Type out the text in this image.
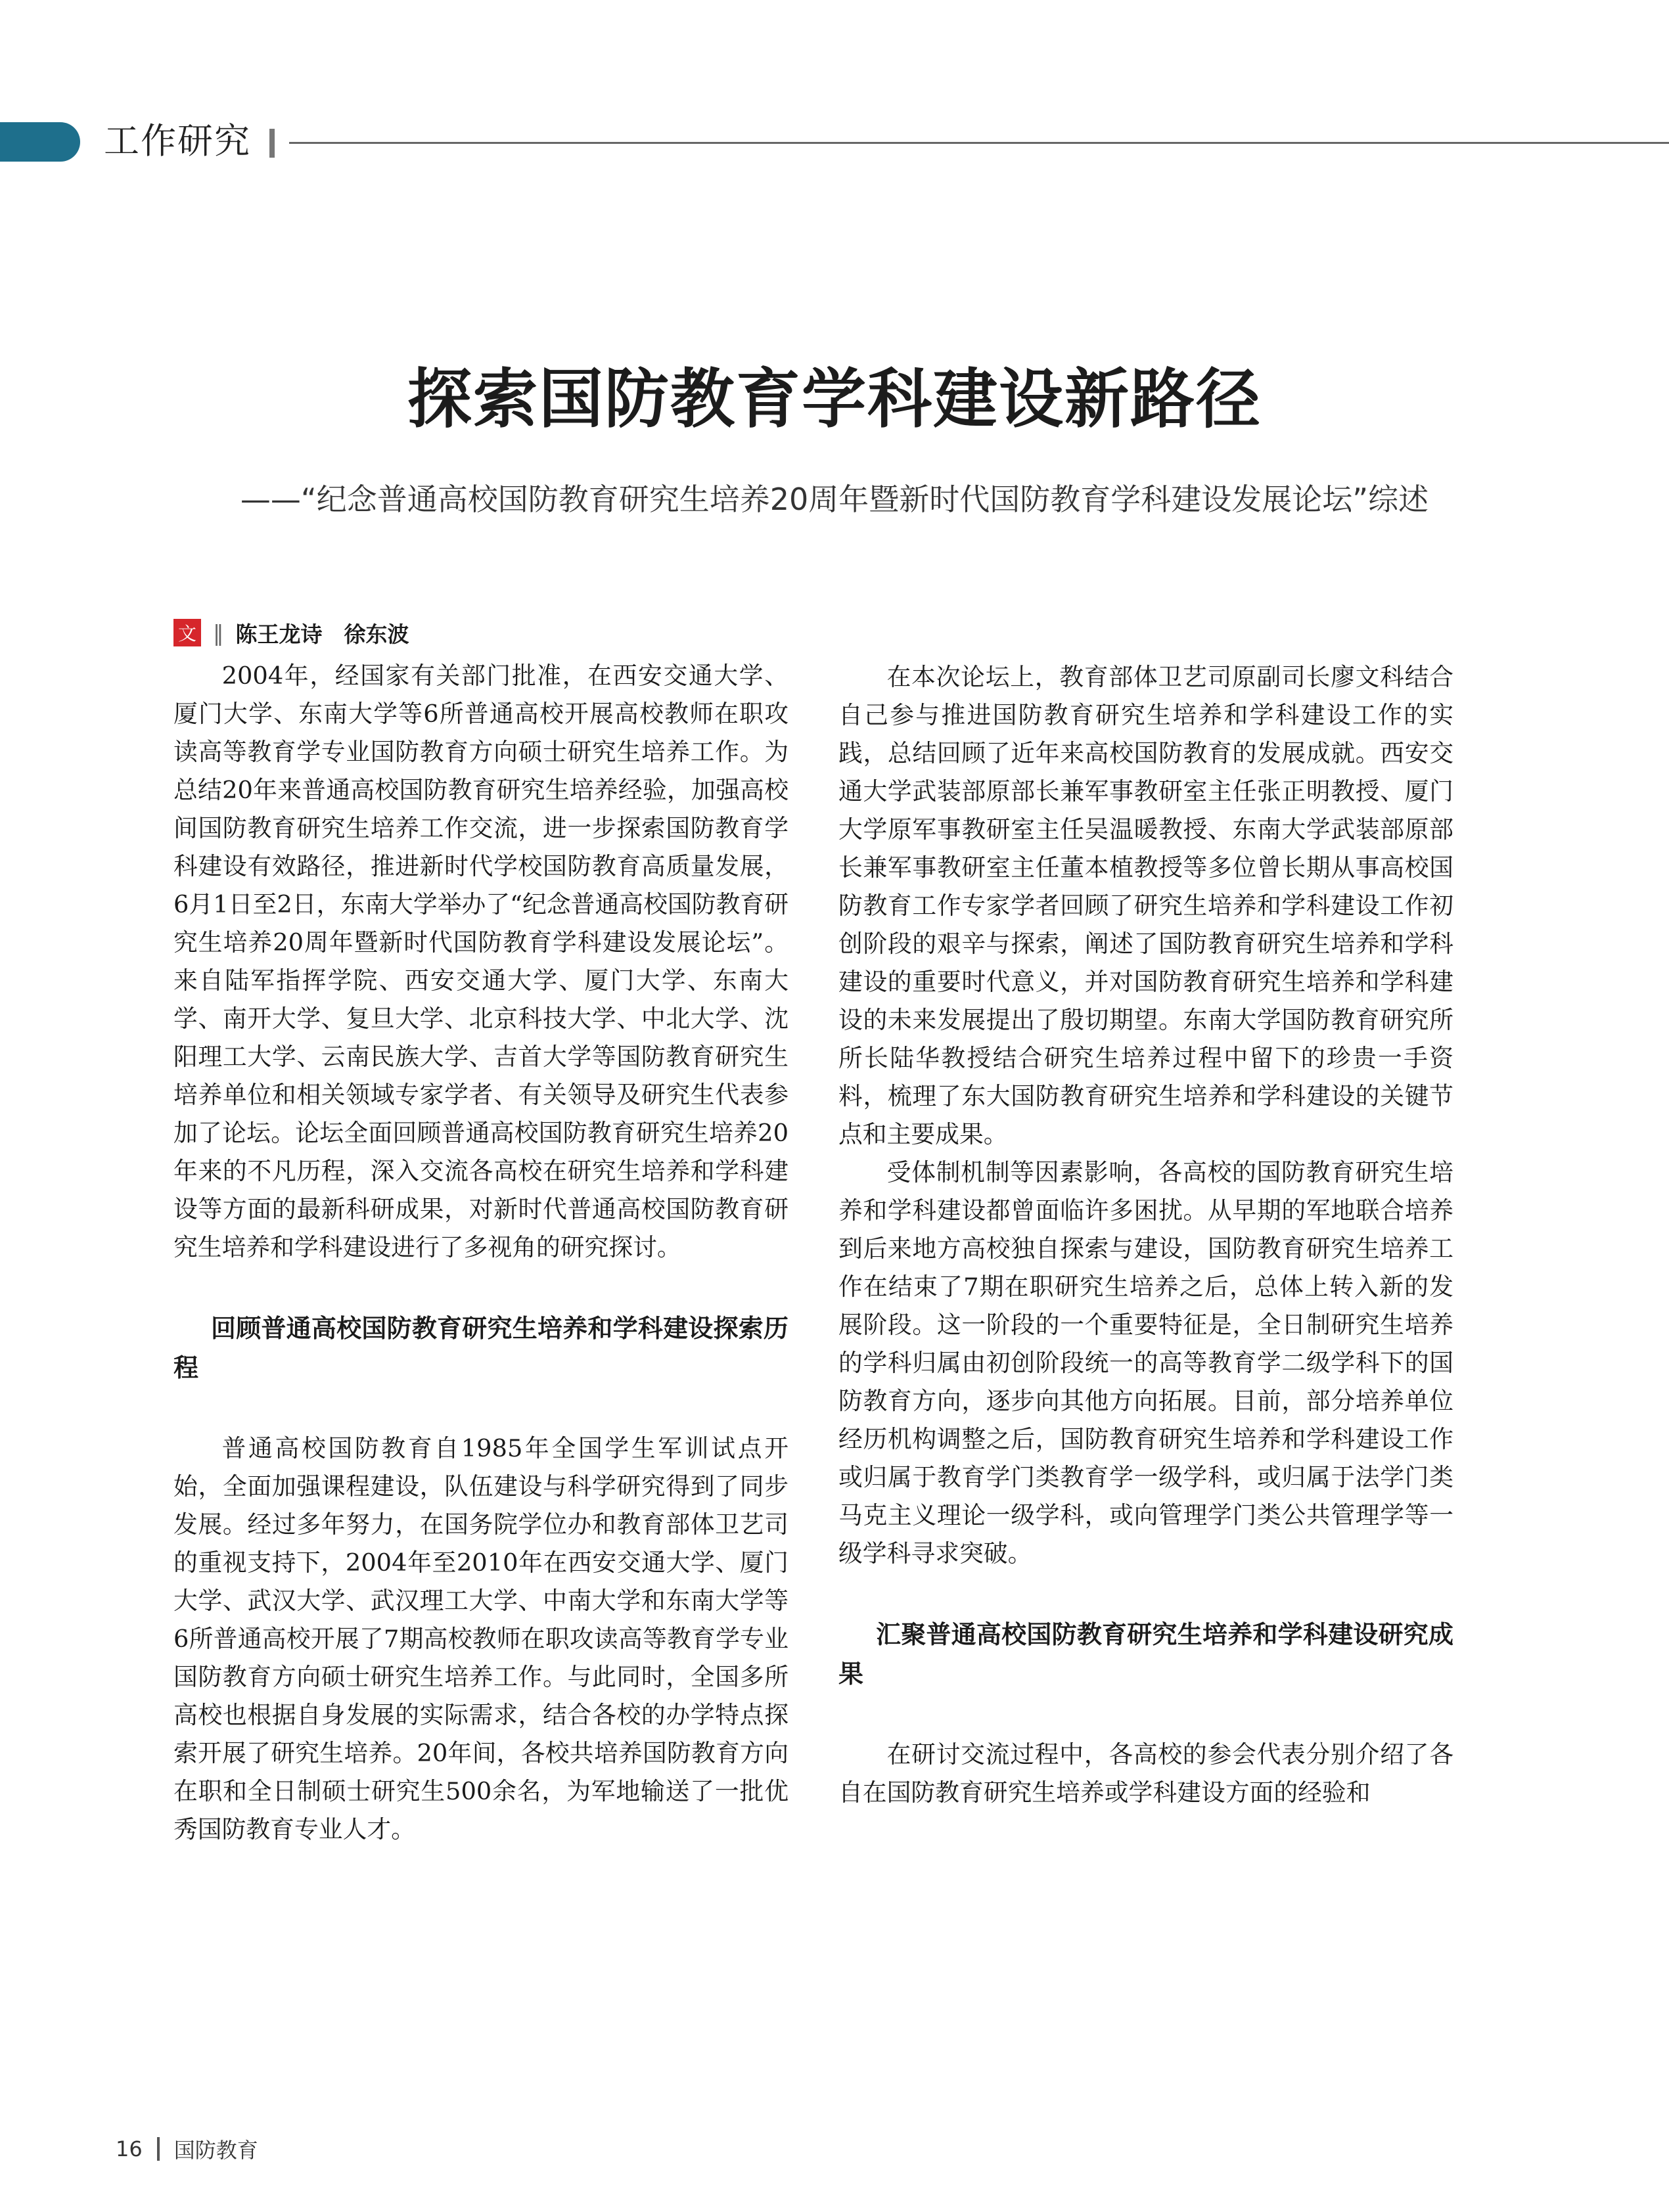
工作研究
探索国防教育学科建设新路径
——“纪念普通高校国防教育研究生培养20周年暨新时代国防教育学科建设发展论坛”综述
文 ‖ 陈王龙诗　徐东波

2004年，经国家有关部门批准，在西安交通大学、厦门大学、东南大学等6所普通高校开展高校教师在职攻读高等教育学专业国防教育方向硕士研究生培养工作。为总结20年来普通高校国防教育研究生培养经验，加强高校间国防教育研究生培养工作交流，进一步探索国防教育学科建设有效路径，推进新时代学校国防教育高质量发展，6月1日至2日，东南大学举办了“纪念普通高校国防教育研究生培养20周年暨新时代国防教育学科建设发展论坛”。来自陆军指挥学院、西安交通大学、厦门大学、东南大学、南开大学、复旦大学、北京科技大学、中北大学、沈阳理工大学、云南民族大学、吉首大学等国防教育研究生培养单位和相关领域专家学者、有关领导及研究生代表参加了论坛。论坛全面回顾普通高校国防教育研究生培养20年来的不凡历程，深入交流各高校在研究生培养和学科建设等方面的最新科研成果，对新时代普通高校国防教育研究生培养和学科建设进行了多视角的研究探讨。

回顾普通高校国防教育研究生培养和学科建设探索历程

普通高校国防教育自1985年全国学生军训试点开始，全面加强课程建设，队伍建设与科学研究得到了同步发展。经过多年努力，在国务院学位办和教育部体卫艺司的重视支持下，2004年至2010年在西安交通大学、厦门大学、武汉大学、武汉理工大学、中南大学和东南大学等6所普通高校开展了7期高校教师在职攻读高等教育学专业国防教育方向硕士研究生培养工作。与此同时，全国多所高校也根据自身发展的实际需求，结合各校的办学特点探索开展了研究生培养。20年间，各校共培养国防教育方向在职和全日制硕士研究生500余名，为军地输送了一批优秀国防教育专业人才。

在本次论坛上，教育部体卫艺司原副司长廖文科结合自己参与推进国防教育研究生培养和学科建设工作的实践，总结回顾了近年来高校国防教育的发展成就。西安交通大学武装部原部长兼军事教研室主任张正明教授、厦门大学原军事教研室主任吴温暖教授、东南大学武装部原部长兼军事教研室主任董本植教授等多位曾长期从事高校国防教育工作专家学者回顾了研究生培养和学科建设工作初创阶段的艰辛与探索，阐述了国防教育研究生培养和学科建设的重要时代意义，并对国防教育研究生培养和学科建设的未来发展提出了殷切期望。东南大学国防教育研究所所长陆华教授结合研究生培养过程中留下的珍贵一手资料，梳理了东大国防教育研究生培养和学科建设的关键节点和主要成果。

受体制机制等因素影响，各高校的国防教育研究生培养和学科建设都曾面临许多困扰。从早期的军地联合培养到后来地方高校独自探索与建设，国防教育研究生培养工作在结束了7期在职研究生培养之后，总体上转入新的发展阶段。这一阶段的一个重要特征是，全日制研究生培养的学科归属由初创阶段统一的高等教育学二级学科下的国防教育方向，逐步向其他方向拓展。目前，部分培养单位经历机构调整之后，国防教育研究生培养和学科建设工作或归属于教育学门类教育学一级学科，或归属于法学门类马克主义理论一级学科，或向管理学门类公共管理学等一级学科寻求突破。

汇聚普通高校国防教育研究生培养和学科建设研究成果

在研讨交流过程中，各高校的参会代表分别介绍了各自在国防教育研究生培养或学科建设方面的经验和

16 国防教育
